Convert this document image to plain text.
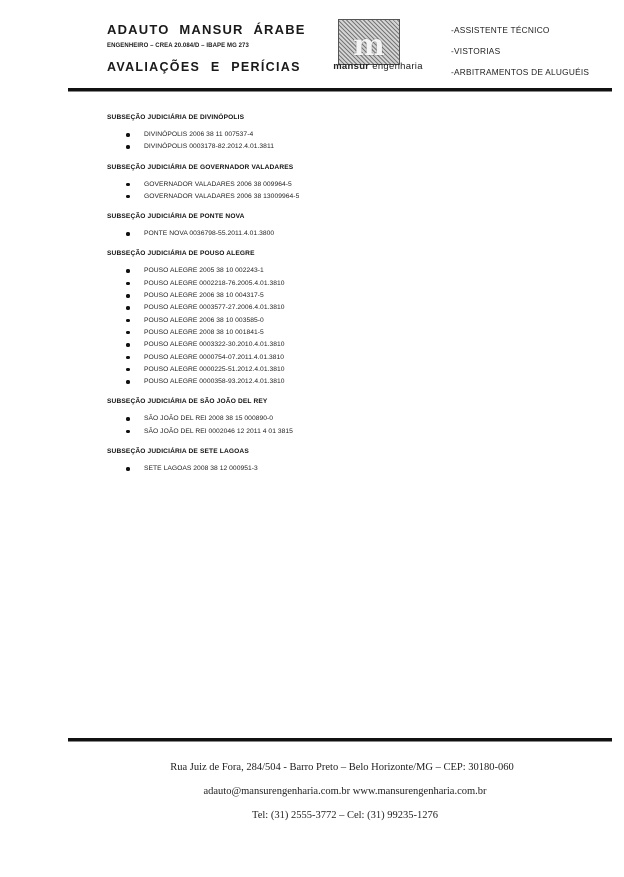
ADAUTO MANSUR ÁRABE
ENGENHEIRO – CREA 20.084/D – IBAPE MG 273
AVALIAÇÕES E PERÍCIAS
m
mansur engenharia
-ASSISTENTE TÉCNICO
-VISTORIAS
-ARBITRAMENTOS DE ALUGUÉIS
SUBSEÇÃO JUDICIÁRIA DE DIVINÓPOLIS
DIVINÓPOLIS 2006 38 11 007537-4
DIVINÓPOLIS 0003178-82.2012.4.01.3811
SUBSEÇÃO JUDICIÁRIA DE GOVERNADOR VALADARES
GOVERNADOR VALADARES 2006 38 009964-5
GOVERNADOR VALADARES 2006 38 13009964-5
SUBSEÇÃO JUDICIÁRIA DE PONTE NOVA
PONTE NOVA 0036798-55.2011.4.01.3800
SUBSEÇÃO JUDICIÁRIA DE POUSO ALEGRE
POUSO ALEGRE 2005 38 10 002243-1
POUSO ALEGRE 0002218-76.2005.4.01.3810
POUSO ALEGRE 2006 38 10 004317-5
POUSO ALEGRE 0003577-27.2006.4.01.3810
POUSO ALEGRE 2006 38 10 003585-0
POUSO ALEGRE 2008 38 10 001841-5
POUSO ALEGRE 0003322-30.2010.4.01.3810
POUSO ALEGRE 0000754-07.2011.4.01.3810
POUSO ALEGRE 0000225-51.2012.4.01.3810
POUSO ALEGRE 0000358-93.2012.4.01.3810
SUBSEÇÃO JUDICIÁRIA DE SÃO JOÃO DEL REY
SÃO JOÃO DEL REI 2008 38 15 000890-0
SÃO JOÃO DEL REI 0002046 12 2011 4 01 3815
SUBSEÇÃO JUDICIÁRIA DE SETE LAGOAS
SETE LAGOAS 2008 38 12 000951-3
Rua Juiz de Fora, 284/504 - Barro Preto – Belo Horizonte/MG – CEP: 30180-060
adauto@mansurengenharia.com.br www.mansurengenharia.com.br
Tel: (31) 2555-3772 – Cel: (31) 99235-1276
